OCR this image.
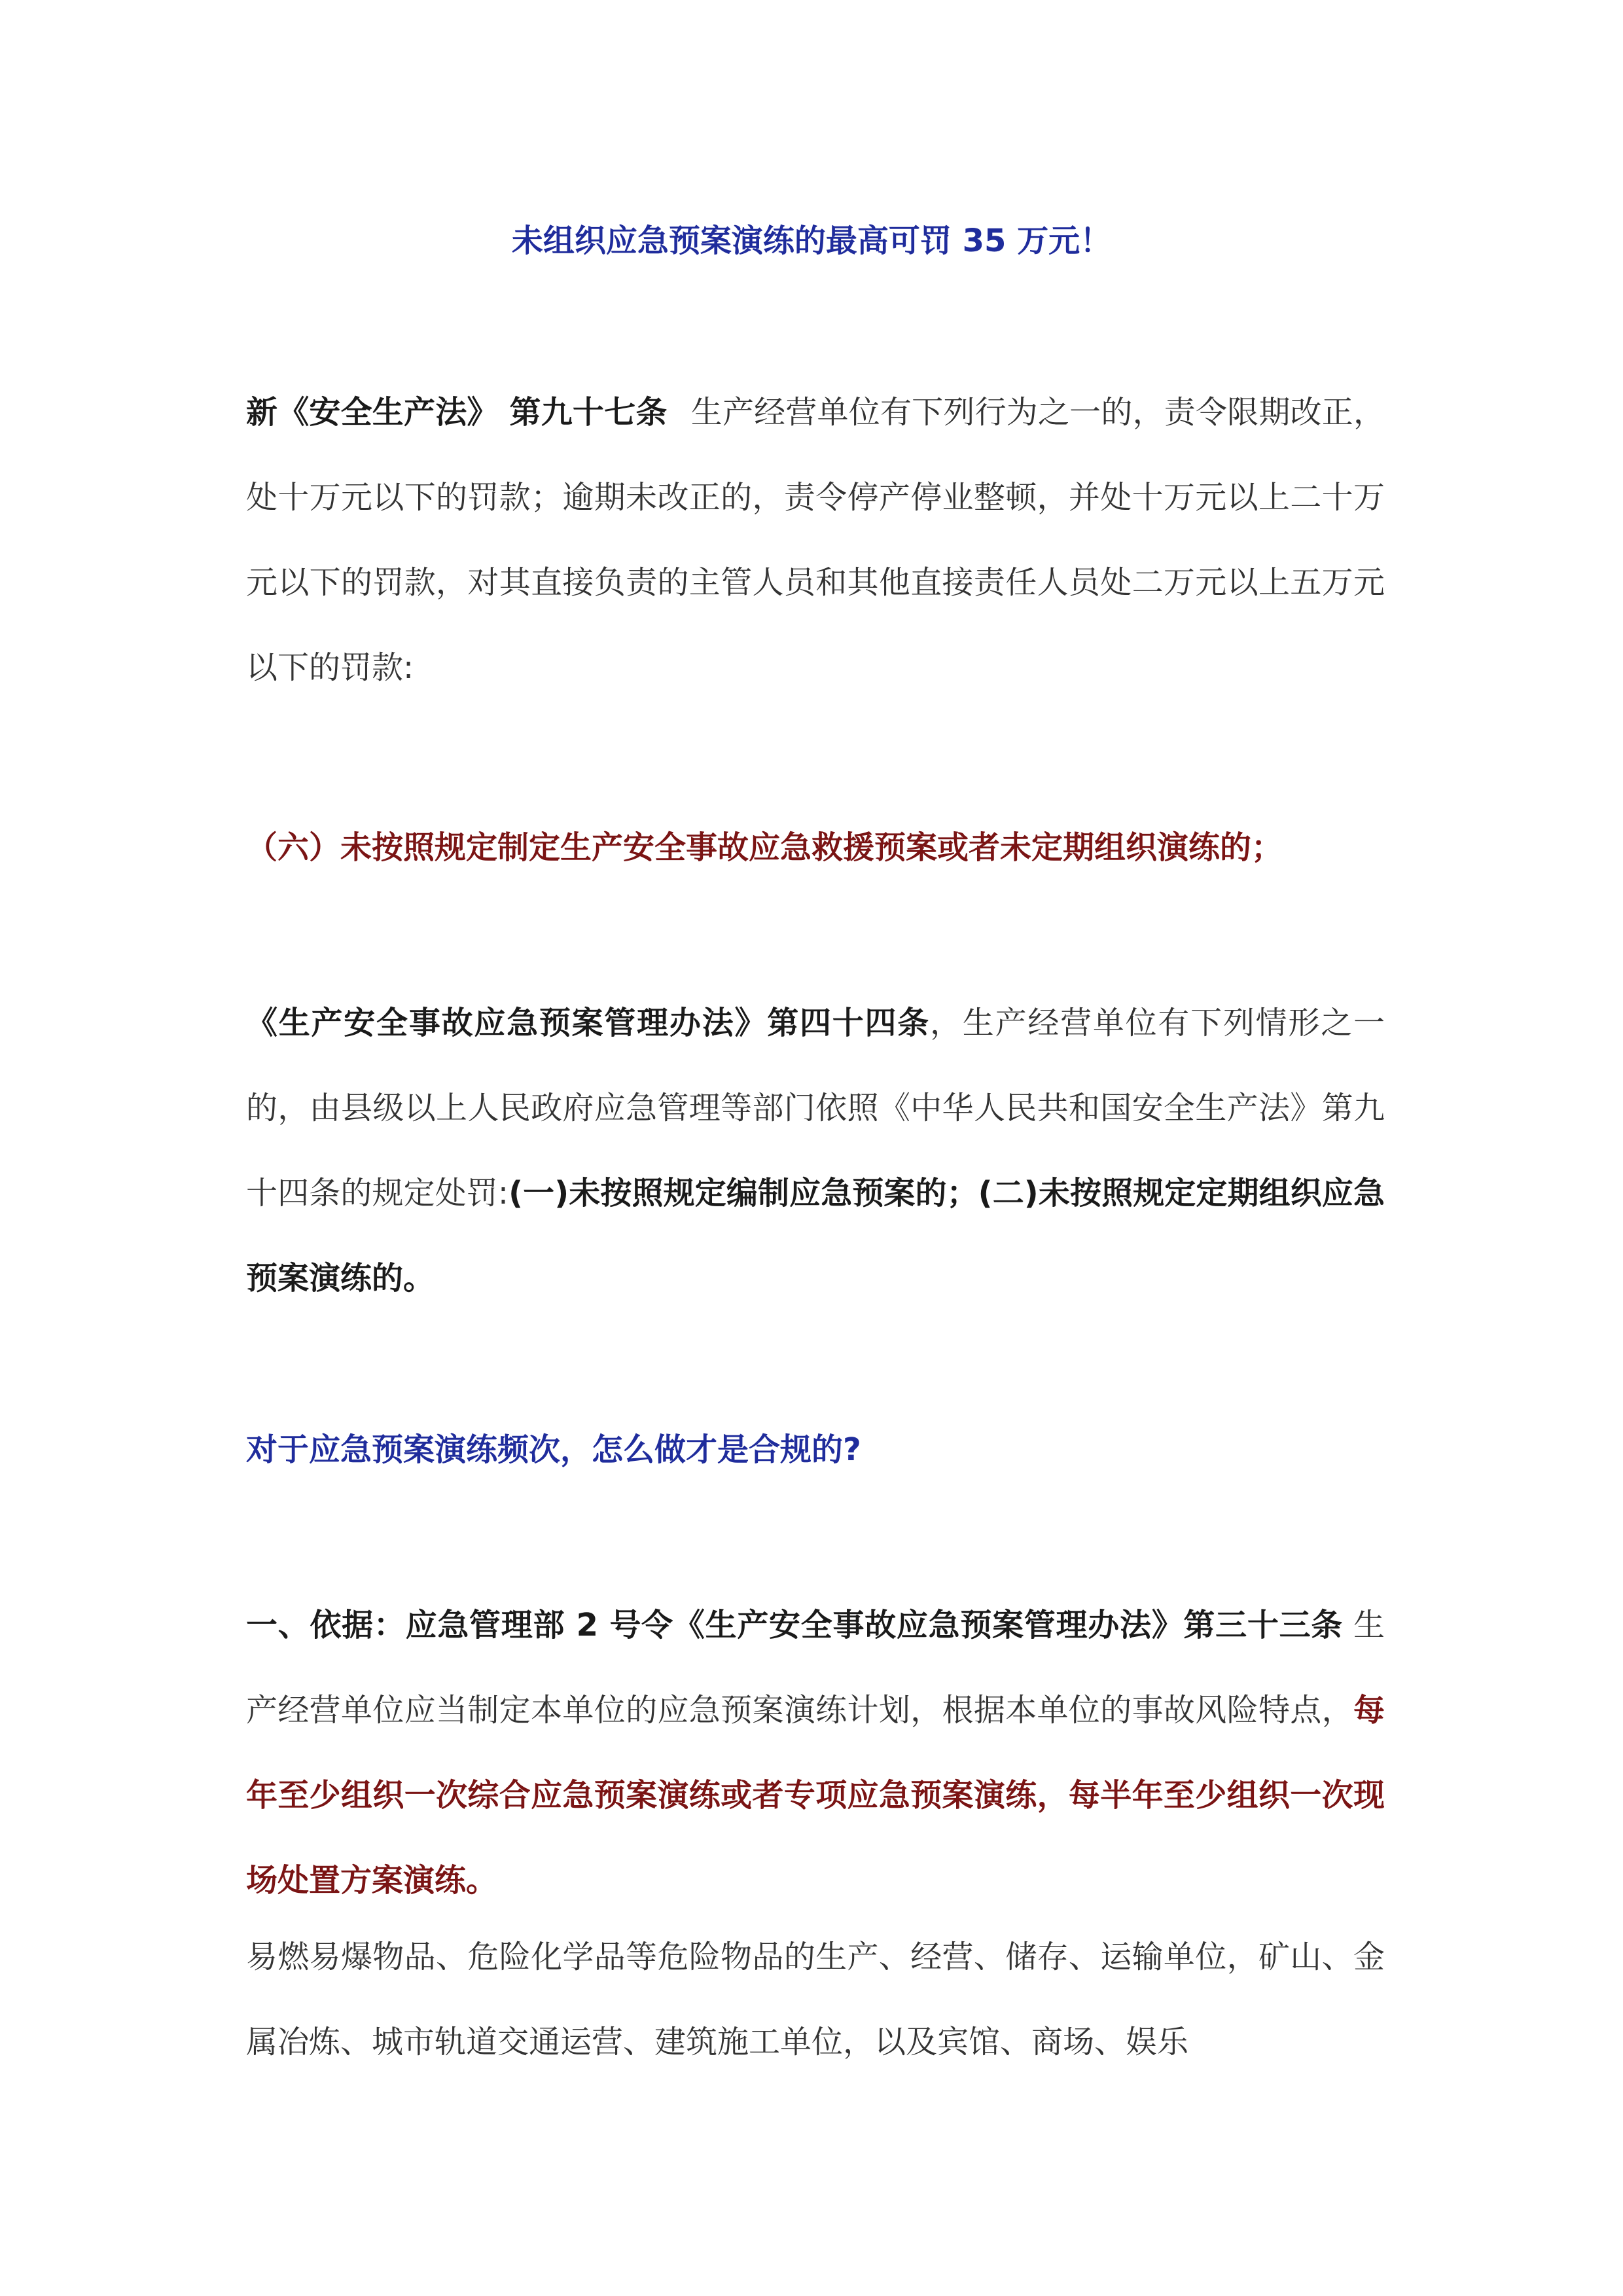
未组织应急预案演练的最高可罚 35 万元！

新《安全生产法》 第九十七条 生产经营单位有下列行为之一的，责令限期改正，处十万元以下的罚款；逾期未改正的，责令停产停业整顿，并处十万元以上二十万元以下的罚款，对其直接负责的主管人员和其他直接责任人员处二万元以上五万元以下的罚款:

（六）未按照规定制定生产安全事故应急救援预案或者未定期组织演练的；

《生产安全事故应急预案管理办法》第四十四条，生产经营单位有下列情形之一的，由县级以上人民政府应急管理等部门依照《中华人民共和国安全生产法》第九十四条的规定处罚:(一)未按照规定编制应急预案的；(二)未按照规定定期组织应急预案演练的。

对于应急预案演练频次，怎么做才是合规的?

一、依据：应急管理部 2 号令《生产安全事故应急预案管理办法》第三十三条 生产经营单位应当制定本单位的应急预案演练计划，根据本单位的事故风险特点，每年至少组织一次综合应急预案演练或者专项应急预案演练，每半年至少组织一次现场处置方案演练。

易燃易爆物品、危险化学品等危险物品的生产、经营、储存、运输单位，矿山、金属冶炼、城市轨道交通运营、建筑施工单位，以及宾馆、商场、娱乐
